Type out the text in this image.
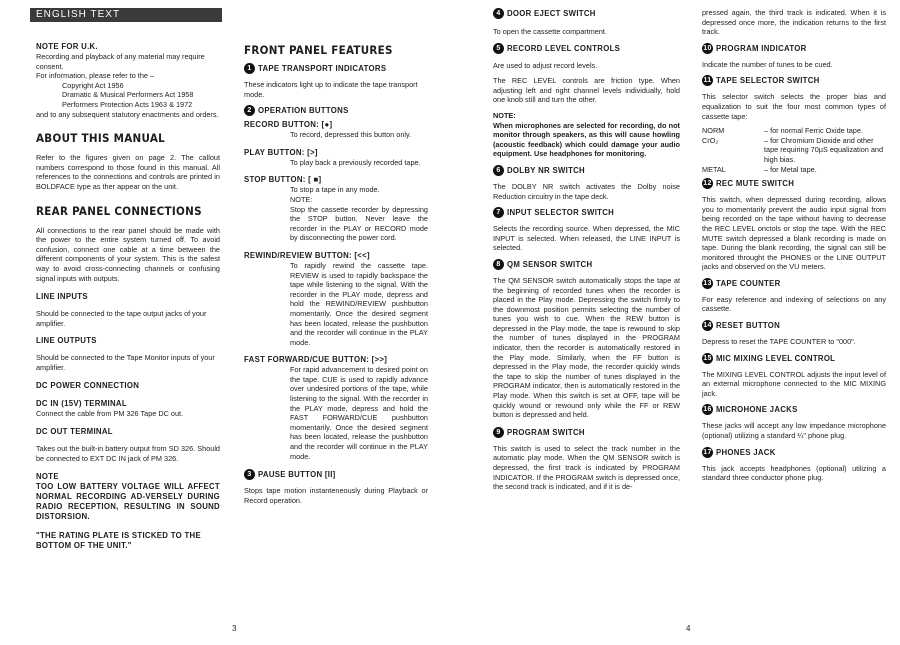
ENGLISH TEXT

NOTE FOR U.K.

Recording and playback of any material may require consent.

For information, please refer to the –

Copyright Act 1956

Dramatic & Musical Performers Act 1958

Performers Protection Acts 1963 & 1972

and to any subsequent statutory enactments and orders.

ABOUT THIS MANUAL

Refer to the figures given on page 2. The callout numbers correspond to those found in this manual. All references to the connections and controls are printed in BOLDFACE type as ther appear on the unit.

REAR PANEL CONNECTIONS

All connections to the rear panel should be made with the power to the entire system turned off. To avoid confusion, connect one cable at a time between the different components of your system. This is the safest way to avoid cross-connecting channels or confusing signal inputs with outputs.

LINE INPUTS

Should be connected to the tape output jacks of your amplifier.

LINE OUTPUTS

Should be connected to the Tape Monitor inputs of your amplifier.

DC POWER CONNECTION

DC IN (15V) TERMINAL

Connect the cable from PM 326 Tape DC out.

DC OUT TERMINAL

Takes out the built-in battery output from SD 326. Should be connected to EXT DC IN jack of PM 326.

NOTE

TOO LOW BATTERY VOLTAGE WILL AFFECT NORMAL RECORDING AD-VERSELY DURING RADIO RECEPTION, RESULTING IN SOUND DISTORSION.

"THE RATING PLATE IS STICKED TO THE BOTTOM OF THE UNIT."

FRONT PANEL FEATURES

1 TAPE TRANSPORT INDICATORS

These indicators light up to indicate the tape transport mode.

2 OPERATION BUTTONS

RECORD BUTTON: [●]

To record, depressed this button only.

PLAY BUTTON: [>]

To play back a previously recorded tape.

STOP BUTTON: [ ■]

To stop a tape in any mode.

NOTE:

Stop the cassette recorder by depressing the STOP button. Never leave the recorder in the PLAY or RECORD mode by disconnecting the power cord.

REWIND/REVIEW BUTTON: [<<]

To rapidly rewind the cassette tape. REVIEW is used to rapidly backspace the tape while listening to the signal. With the recorder in the PLAY mode, depress and hold the REWIND/REVIEW pushbutton momentarily. Once the desired segment has been located, release the pushbutton and the recorder will continue in the PLAY mode.

FAST FORWARD/CUE BUTTON: [>>]

For rapid advancement to desired point on the tape. CUE is used to rapidly advance over undesired portions of the tape, while listening to the signal. With the recorder in the PLAY mode, depress and hold the FAST FORWARD/CUE pushbutton momentarily. Once the desired segment has been located, release the pushbutton and the recorder will continue in the PLAY mode.

3 PAUSE BUTTON [II]

Stops tape motion instanteneously during Playback or Record operation.

3

4 DOOR EJECT SWITCH

To open the cassette compartment.

5 RECORD LEVEL CONTROLS

Are used to adjust record levels.

The REC LEVEL controls are friction type. When adjusting left and right channel levels individually, hold one knob still and turn the other.

NOTE:

When microphones are selected for recording, do not monitor through speakers, as this will cause howling (acoustic feedback) which could damage your audio equipment. Use headphones for monitoring.

6 DOLBY NR SWITCH

The DOLBY NR switch activates the Dolby noise Reduction circuitry in the tape deck.

7 INPUT SELECTOR SWITCH

Selects the recording source. When depressed, the MIC INPUT is selected. When released, the LINE INPUT is selected.

8 QM SENSOR SWITCH

The QM SENSOR switch automatically stops the tape at the beginning of recorded tunes when the recorder is placed in the Play mode. Depressing the switch firmly to the downmost position permits selecting the number of tunes you wish to cue. When the REW button is depressed in the Play mode, the tape is rewound to skip the number of tunes displayed in the PROGRAM indicator, then the recorder is automatically restored in the Play mode. Similarly, when the FF button is depressed in the Play mode, the recorder quickly winds the tape to skip the number of tunes displayed in the PROGRAM indicator, then is automatically restored in the Play mode. When this switch is set at OFF, tape will be quickly wound or rewound only while the FF or REW button is depressed and held.

9 PROGRAM SWITCH

This switch is used to select the track number in the automatic play mode. When the QM SENSOR switch is depressed, the first track is indicated by PROGRAM INDICATOR. If the PROGRAM switch is depressed once, the second track is indicated, and if it is de-

pressed again, the third track is indicated. When it is depressed once more, the indication returns to the first track.

10 PROGRAM INDICATOR

Indicate the number of tunes to be cued.

11 TAPE SELECTOR SWITCH

This selector switch selects the proper bias and equalization to suit the four most common types of cassette tape:

NORM	– for normal Ferric Oxide tape.
CrO₂	– for Chromium Dioxide and other tape requiring 70µS equalization and high bias.
METAL	– for Metal tape.

12 REC MUTE SWITCH

This switch, when depressed during recording, allows you to momentarily prevent the audio input signal from being recorded on the tape without having to decrease the REC LEVEL onctols or stop the tape. With the REC MUTE switch depressed a blank recording is made on tape. During the blank recording, the signal can still be monitored throught the PHONES or the LINE OUTPUT jacks and observed on the VU meters.

13 TAPE COUNTER

For easy reference and indexing of selections on any cassette.

14 RESET BUTTON

Depress to reset the TAPE COUNTER to "000".

15 MIC MIXING LEVEL CONTROL

The MIXING LEVEL CONTROL adjusts the input level of an external microphone connected to the MIC MIXING jack.

16 MICROHONE JACKS

These jacks will accept any low impedance microphone (optional) utilizing a standard ¼" phone plug.

17 PHONES JACK

This jack accepts headphones (optional) utilizing a standard three conductor phone plug.

4
